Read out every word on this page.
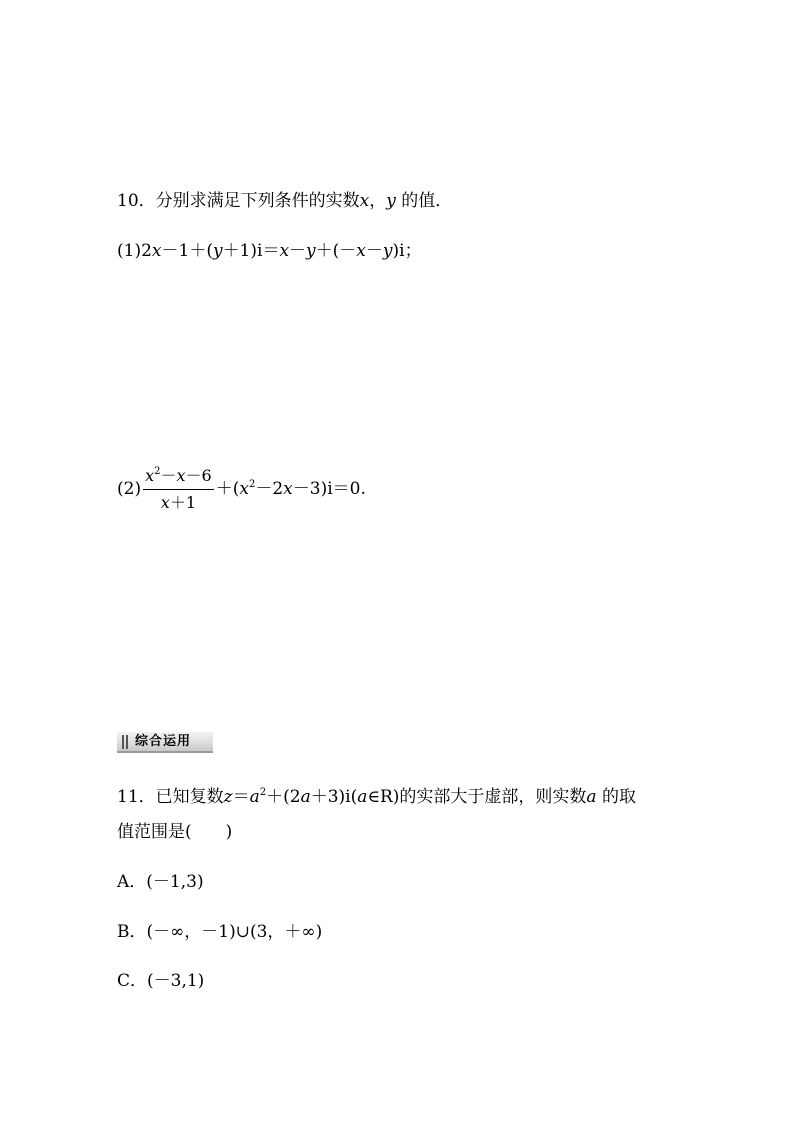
10．分别求满足下列条件的实数x，y 的值．
(1)2x－1＋(y＋1)i＝x－y＋(－x－y)i；
$(2) \frac{x^2-x-6}{x+1} +(x^2-2x-3)i=0$.
综合运用
11．已知复数$z=a^2+(2a+3)i(a\in R)$的实部大于虚部，则实数a 的取
值范围是(　　)
A．(－1,3)
B．(－∞，－1)∪(3，＋∞)
C．(－3,1)
